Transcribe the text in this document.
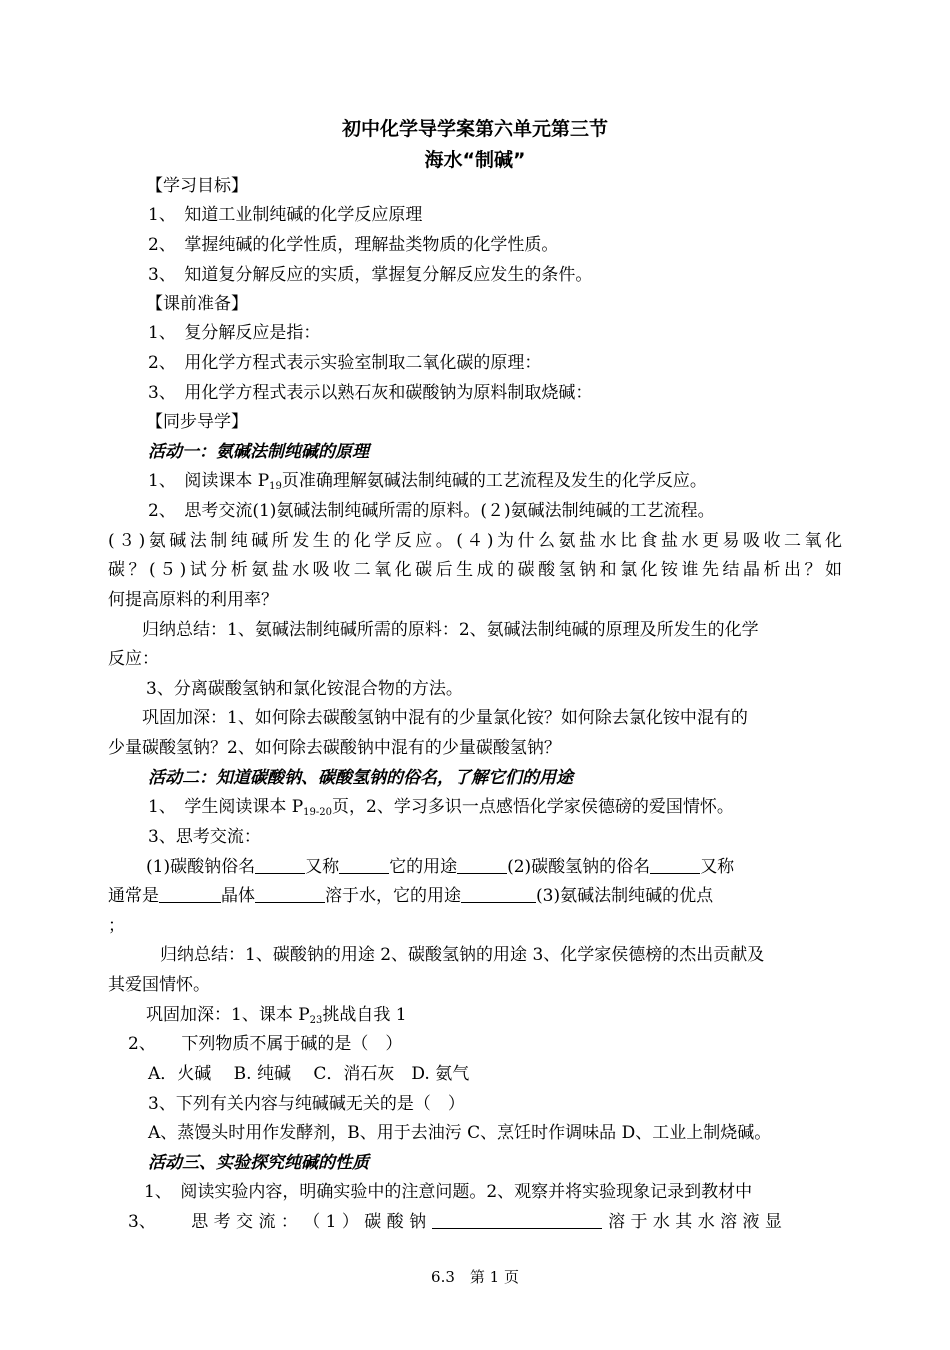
初中化学导学案第六单元第三节
海水“制碱”
【学习目标】
1、　知道工业制纯碱的化学反应原理
2、　掌握纯碱的化学性质，理解盐类物质的化学性质。
3、　知道复分解反应的实质，掌握复分解反应发生的条件。
【课前准备】
1、　复分解反应是指：
2、　用化学方程式表示实验室制取二氧化碳的原理：
3、　用化学方程式表示以熟石灰和碳酸钠为原料制取烧碱：
【同步导学】
活动一：氨碱法制纯碱的原理
1、　阅读课本 $P_{19}$页准确理解氨碱法制纯碱的工艺流程及发生的化学反应。
2、　思考交流(1)氨碱法制纯碱所需的原料。(２)氨碱法制纯碱的工艺流程。
(３)氨碱法制纯碱所发生的化学反应。(４)为什么氨盐水比食盐水更易吸收二氧化
碳？(５)试分析氨盐水吸收二氧化碳后生成的碳酸氢钠和氯化铵谁先结晶析出？如
何提高原料的利用率？
归纳总结：1、氨碱法制纯碱所需的原料：2、氨碱法制纯碱的原理及所发生的化学
反应：
3、分离碳酸氢钠和氯化铵混合物的方法。
巩固加深：1、如何除去碳酸氢钠中混有的少量氯化铵？如何除去氯化铵中混有的
少量碳酸氢钠？2、如何除去碳酸钠中混有的少量碳酸氢钠？
活动二：知道碳酸钠、碳酸氢钠的俗名，了解它们的用途
1、　学生阅读课本 $P_{19-20}$页，2、学习多识一点感悟化学家侯德磅的爱国情怀。
3、思考交流：
(1)碳酸钠俗名	又称	它的用途	(2)碳酸氢钠的俗名	又称
通常是	晶体	溶于水，它的用途	(3)氨碱法制纯碱的优点
；
归纳总结：1、碳酸钠的用途 2、碳酸氢钠的用途 3、化学家侯德榜的杰出贡献及
其爱国情怀。
巩固加深：1、课本 $P_{23}$挑战自我 1
2、　　下列物质不属于碱的是（　）
A．火碱　 B. 纯碱　 C．消石灰　D. 氨气
3、下列有关内容与纯碱碱无关的是（　）
A、蒸馒头时用作发酵剂，B、用于去油污 C、烹饪时作调味品 D、工业上制烧碱。
活动三、实验探究纯碱的性质
1、　阅读实验内容，明确实验中的注意问题。2、观察并将实验现象记录到教材中
3、 思 考 交 流 ： （ 1 ） 碳 酸 钠	溶 于 水 其 水 溶 液 显
6.3　第 1 页
